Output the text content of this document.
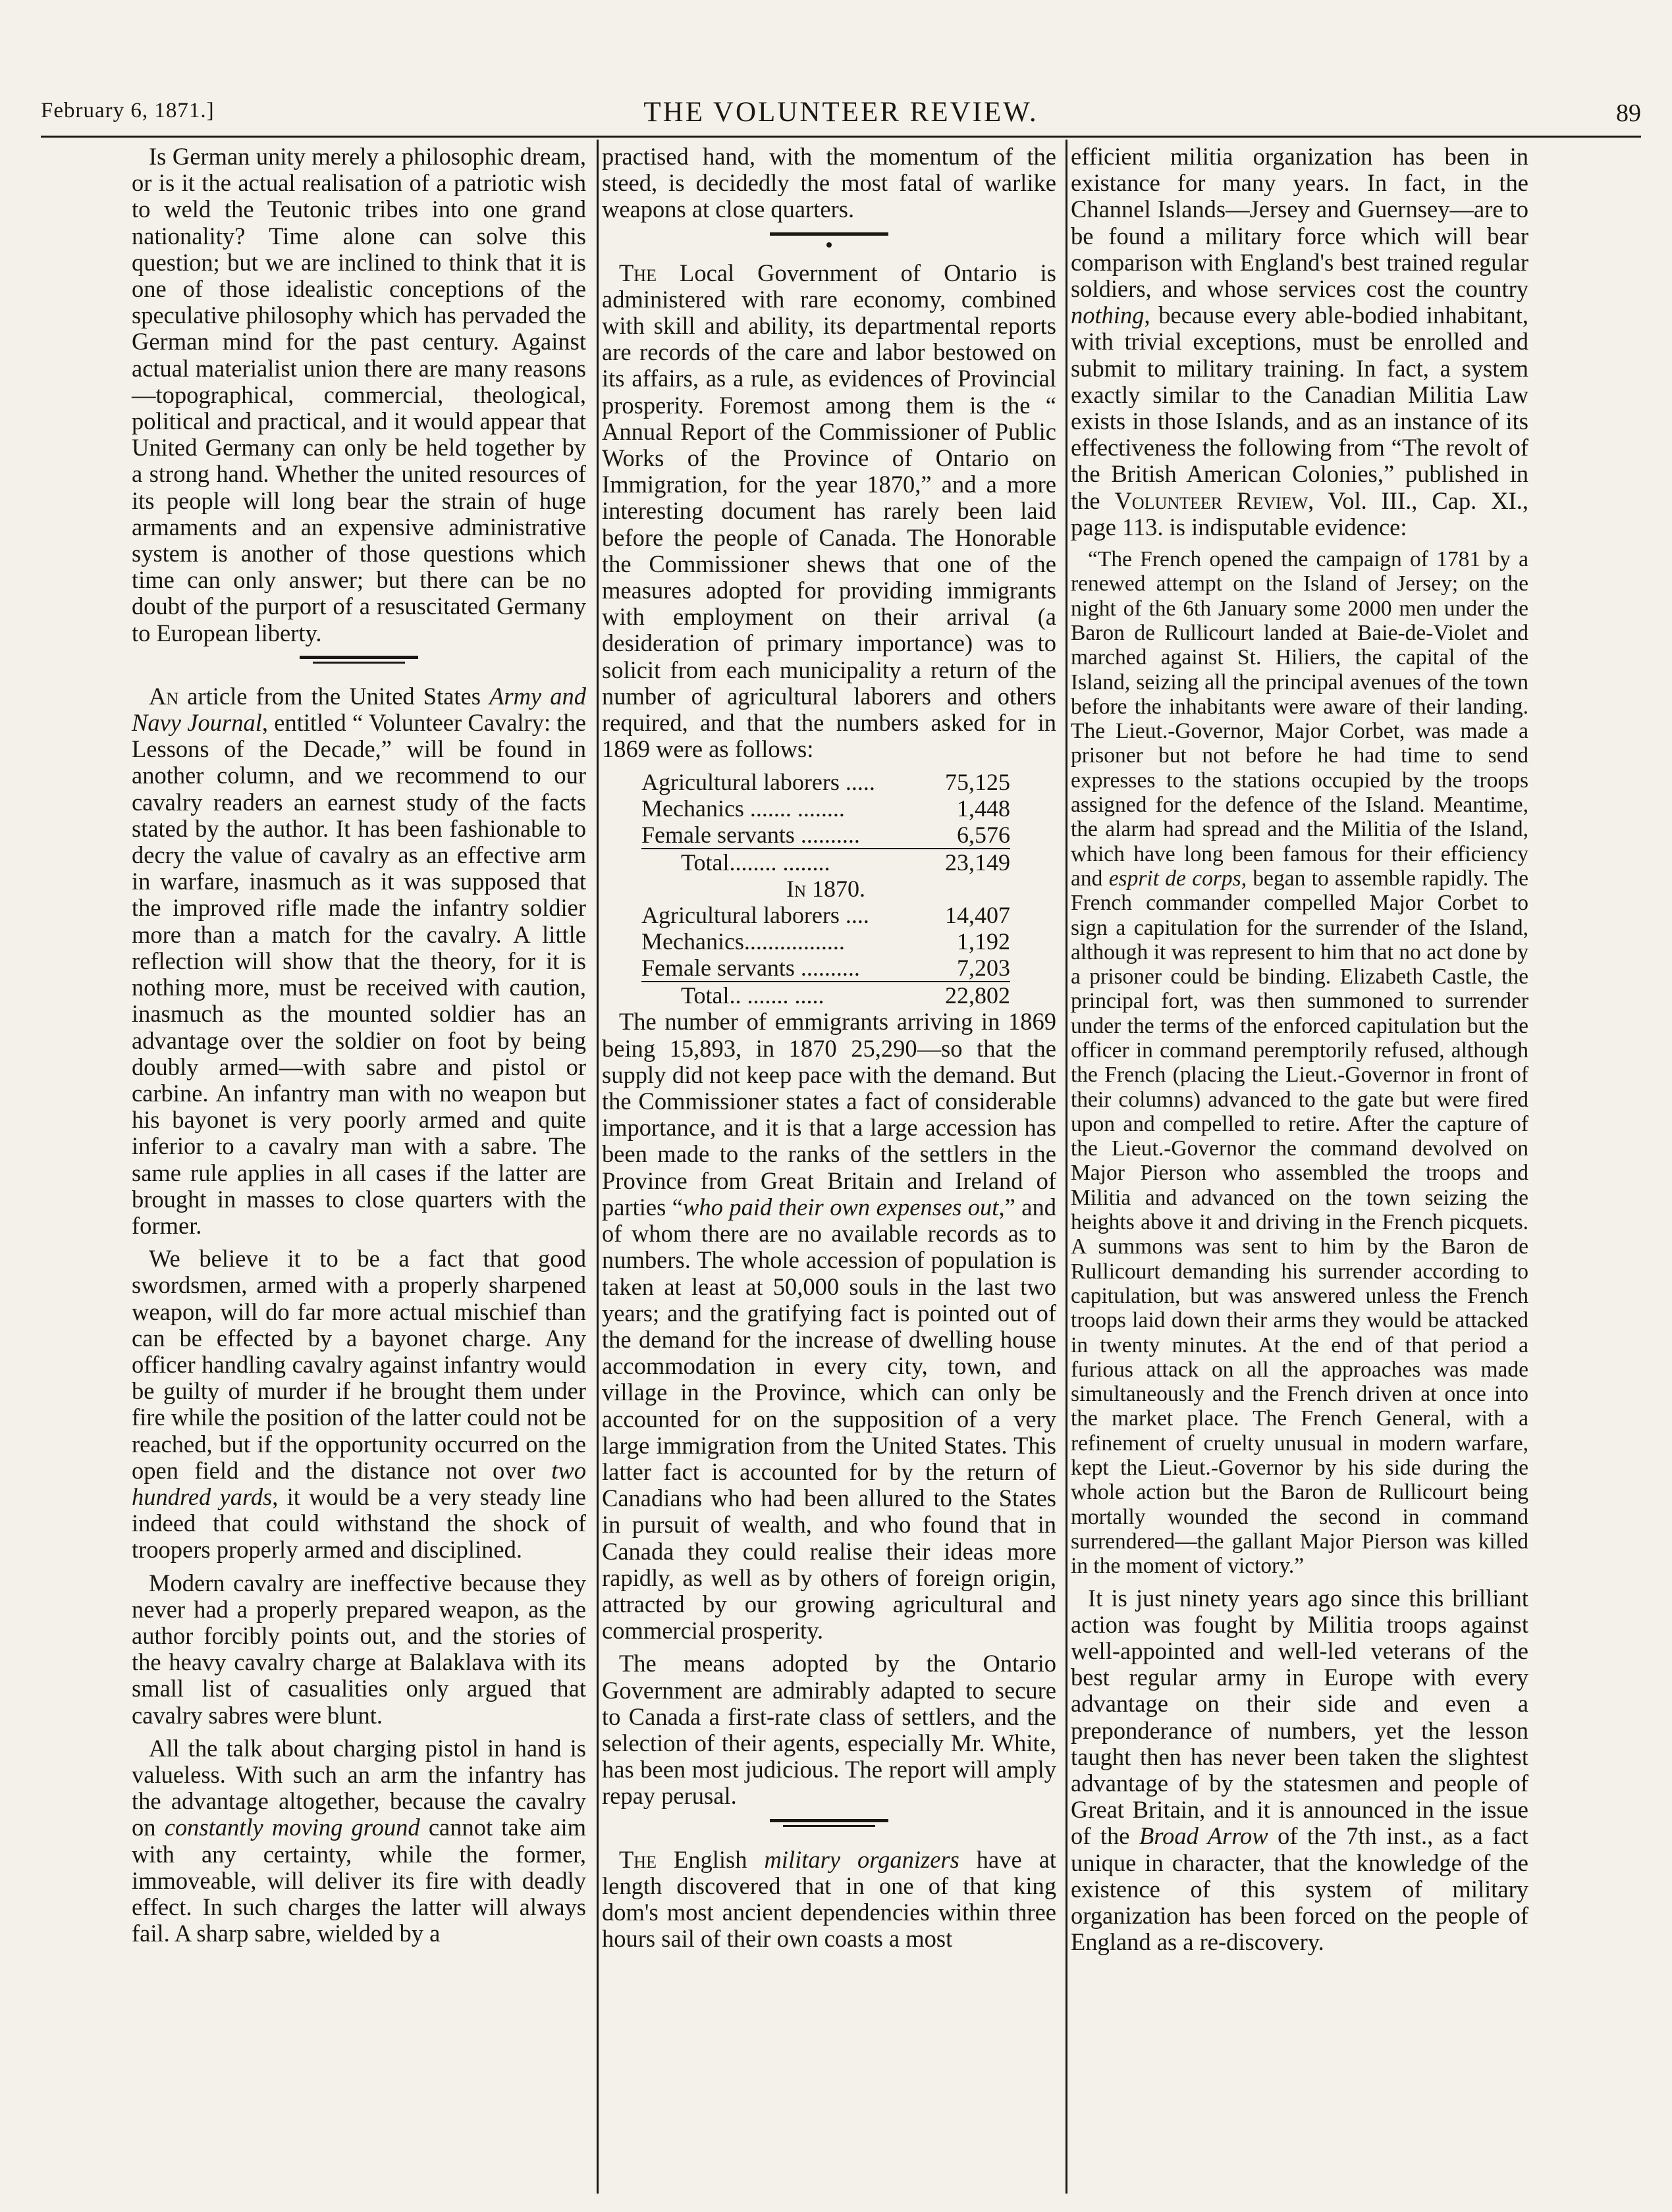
February 6, 1871.]	THE VOLUNTEER REVIEW.	89

Is German unity merely a philosophic dream, or is it the actual realisation of a patriotic wish to weld the Teutonic tribes into one grand nationality? Time alone can solve this question; but we are inclined to think that it is one of those idealistic conceptions of the speculative philosophy which has pervaded the German mind for the past century. Against actual materialist union there are many reasons—topographical, commercial, theological, political and practical, and it would appear that United Germany can only be held together by a strong hand. Whether the united resources of its people will long bear the strain of huge armaments and an expensive administrative system is another of those questions which time can only answer; but there can be no doubt of the purport of a resuscitated Germany to European liberty.

An article from the United States Army and Navy Journal, entitled “ Volunteer Cavalry: the Lessons of the Decade,” will be found in another column, and we recommend to our cavalry readers an earnest study of the facts stated by the author. It has been fashionable to decry the value of cavalry as an effective arm in warfare, inasmuch as it was supposed that the improved rifle made the infantry soldier more than a match for the cavalry. A little reflection will show that the theory, for it is nothing more, must be received with caution, inasmuch as the mounted soldier has an advantage over the soldier on foot by being doubly armed—with sabre and pistol or carbine. An infantry man with no weapon but his bayonet is very poorly armed and quite inferior to a cavalry man with a sabre. The same rule applies in all cases if the latter are brought in masses to close quarters with the former.

We believe it to be a fact that good swordsmen, armed with a properly sharpened weapon, will do far more actual mischief than can be effected by a bayonet charge. Any officer handling cavalry against infantry would be guilty of murder if he brought them under fire while the position of the latter could not be reached, but if the opportunity occurred on the open field and the distance not over two hundred yards, it would be a very steady line indeed that could withstand the shock of troopers properly armed and disciplined.

Modern cavalry are ineffective because they never had a properly prepared weapon, as the author forcibly points out, and the stories of the heavy cavalry charge at Balaklava with its small list of casualities only argued that cavalry sabres were blunt.

All the talk about charging pistol in hand is valueless. With such an arm the infantry has the advantage altogether, because the cavalry on constantly moving ground cannot take aim with any certainty, while the former, immoveable, will deliver its fire with deadly effect. In such charges the latter will always fail. A sharp sabre, wielded by a

practised hand, with the momentum of the steed, is decidedly the most fatal of warlike weapons at close quarters.

The Local Government of Ontario is administered with rare economy, combined with skill and ability, its departmental reports are records of the care and labor bestowed on its affairs, as a rule, as evidences of Provincial prosperity. Foremost among them is the “ Annual Report of the Commissioner of Public Works of the Province of Ontario on Immigration, for the year 1870,” and a more interesting document has rarely been laid before the people of Canada. The Honorable the Commissioner shews that one of the measures adopted for providing immigrants with employment on their arrival (a desideration of primary importance) was to solicit from each municipality a return of the number of agricultural laborers and others required, and that the numbers asked for in 1869 were as follows:

Agricultural laborers .....	75,125
Mechanics ....... ........	1,448
Female servants ..........	6,576
Total........ ........	23,149
In 1870.	
Agricultural laborers ....	14,407
Mechanics.................	1,192
Female servants ..........	7,203
Total.. ....... .....	22,802

The number of emmigrants arriving in 1869 being 15,893, in 1870 25,290—so that the supply did not keep pace with the demand. But the Commissioner states a fact of considerable importance, and it is that a large accession has been made to the ranks of the settlers in the Province from Great Britain and Ireland of parties “who paid their own expenses out,” and of whom there are no available records as to numbers. The whole accession of population is taken at least at 50,000 souls in the last two years; and the gratifying fact is pointed out of the demand for the increase of dwelling house accommodation in every city, town, and village in the Province, which can only be accounted for on the supposition of a very large immigration from the United States. This latter fact is accounted for by the return of Canadians who had been allured to the States in pursuit of wealth, and who found that in Canada they could realise their ideas more rapidly, as well as by others of foreign origin, attracted by our growing agricultural and commercial prosperity.

The means adopted by the Ontario Government are admirably adapted to secure to Canada a first-rate class of settlers, and the selection of their agents, especially Mr. White, has been most judicious. The report will amply repay perusal.

The English military organizers have at length discovered that in one of that king dom's most ancient dependencies within three hours sail of their own coasts a most

efficient militia organization has been in existance for many years. In fact, in the Channel Islands—Jersey and Guernsey—are to be found a military force which will bear comparison with England's best trained regular soldiers, and whose services cost the country nothing, because every able-bodied inhabitant, with trivial exceptions, must be enrolled and submit to military training. In fact, a system exactly similar to the Canadian Militia Law exists in those Islands, and as an instance of its effectiveness the following from “The revolt of the British American Colonies,” published in the Volunteer Review, Vol. III., Cap. XI., page 113. is indisputable evidence:

“The French opened the campaign of 1781 by a renewed attempt on the Island of Jersey; on the night of the 6th January some 2000 men under the Baron de Rullicourt landed at Baie-de-Violet and marched against St. Hiliers, the capital of the Island, seizing all the principal avenues of the town before the inhabitants were aware of their landing. The Lieut.-Governor, Major Corbet, was made a prisoner but not before he had time to send expresses to the stations occupied by the troops assigned for the defence of the Island. Meantime, the alarm had spread and the Militia of the Island, which have long been famous for their efficiency and esprit de corps, began to assemble rapidly. The French commander compelled Major Corbet to sign a capitulation for the surrender of the Island, although it was represent to him that no act done by a prisoner could be binding. Elizabeth Castle, the principal fort, was then summoned to surrender under the terms of the enforced capitulation but the officer in command peremptorily refused, although the French (placing the Lieut.-Governor in front of their columns) advanced to the gate but were fired upon and compelled to retire. After the capture of the Lieut.-Governor the command devolved on Major Pierson who assembled the troops and Militia and advanced on the town seizing the heights above it and driving in the French picquets. A summons was sent to him by the Baron de Rullicourt demanding his surrender according to capitulation, but was answered unless the French troops laid down their arms they would be attacked in twenty minutes. At the end of that period a furious attack on all the approaches was made simultaneously and the French driven at once into the market place. The French General, with a refinement of cruelty unusual in modern warfare, kept the Lieut.-Governor by his side during the whole action but the Baron de Rullicourt being mortally wounded the second in command surrendered—the gallant Major Pierson was killed in the moment of victory.”

It is just ninety years ago since this brilliant action was fought by Militia troops against well-appointed and well-led veterans of the best regular army in Europe with every advantage on their side and even a preponderance of numbers, yet the lesson taught then has never been taken the slightest advantage of by the statesmen and people of Great Britain, and it is announced in the issue of the Broad Arrow of the 7th inst., as a fact unique in character, that the knowledge of the existence of this system of military organization has been forced on the people of England as a re-discovery.
